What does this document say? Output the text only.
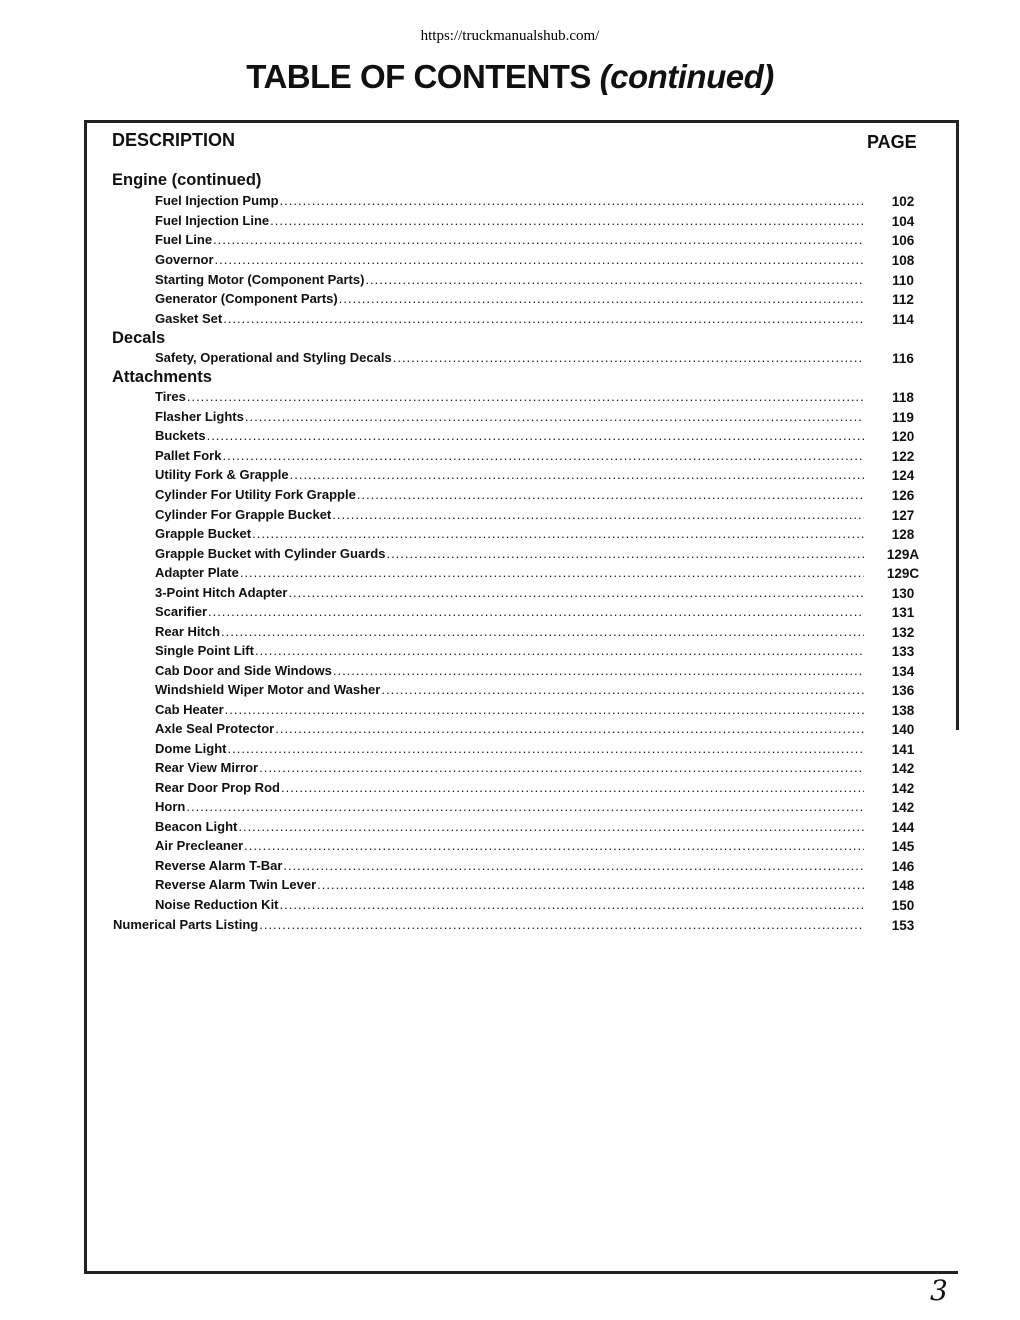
https://truckmanualshub.com/
TABLE OF CONTENTS (continued)
DESCRIPTION	PAGE
Engine (continued)
Fuel Injection Pump .....	102
Fuel Injection Line .....	104
Fuel Line .....	106
Governor .....	108
Starting Motor (Component Parts) .....	110
Generator (Component Parts) .....	112
Gasket Set .....	114
Decals
Safety, Operational and Styling Decals .....	116
Attachments
Tires .....	118
Flasher Lights .....	119
Buckets .....	120
Pallet Fork .....	122
Utility Fork & Grapple .....	124
Cylinder For Utility Fork Grapple .....	126
Cylinder For Grapple Bucket .....	127
Grapple Bucket .....	128
Grapple Bucket with Cylinder Guards .....	129A
Adapter Plate .....	129C
3-Point Hitch Adapter .....	130
Scarifier .....	131
Rear Hitch .....	132
Single Point Lift .....	133
Cab Door and Side Windows .....	134
Windshield Wiper Motor and Washer .....	136
Cab Heater .....	138
Axle Seal Protector .....	140
Dome Light .....	141
Rear View Mirror .....	142
Rear Door Prop Rod .....	142
Horn .....	142
Beacon Light .....	144
Air Precleaner .....	145
Reverse Alarm T-Bar .....	146
Reverse Alarm Twin Lever .....	148
Noise Reduction Kit .....	150
Numerical Parts Listing .....	153
3
